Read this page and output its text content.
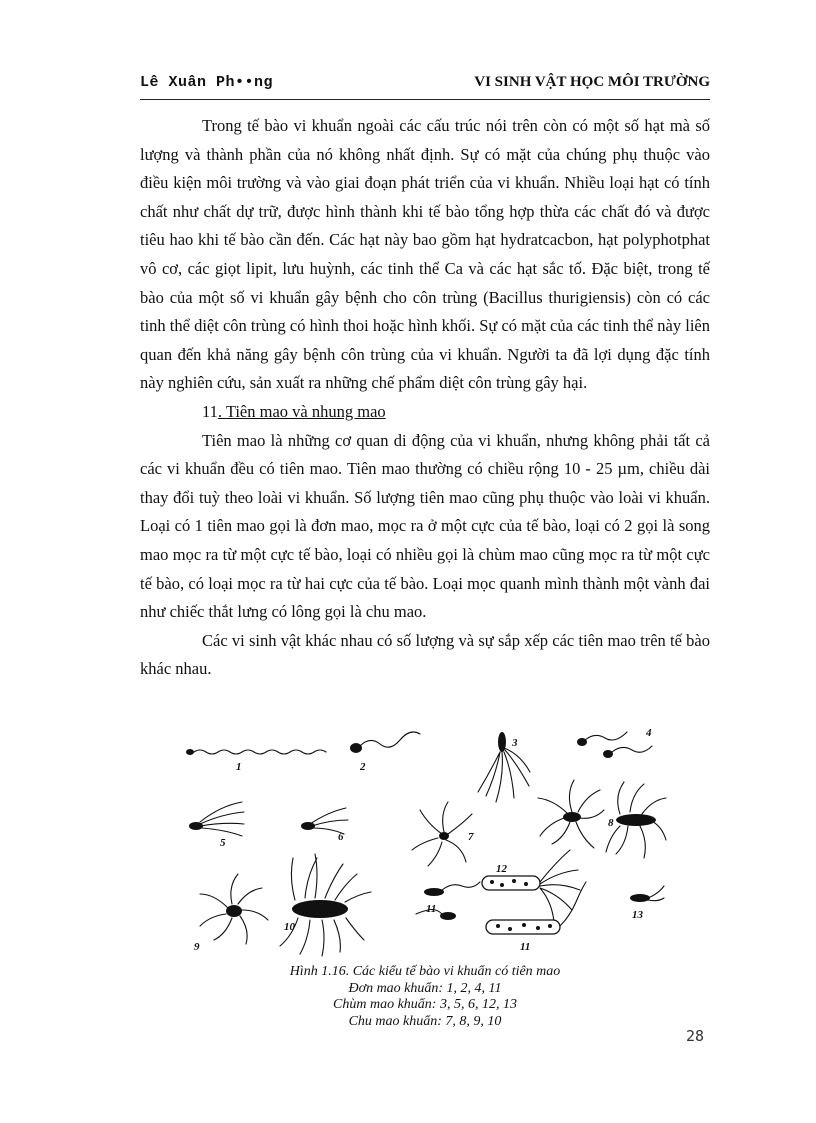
Lê Xuân Ph••ng	VI SINH VẬT HỌC MÔI TRƯỜNG

Trong tế bào vi khuẩn ngoài các cấu trúc nói trên còn có một số hạt mà số lượng và thành phần của nó không nhất định. Sự có mặt của chúng phụ thuộc vào điều kiện môi trường và vào giai đoạn phát triển của vi khuẩn. Nhiều loại hạt có tính chất như chất dự trữ, được hình thành khi tế bào tổng hợp thừa các chất đó và được tiêu hao khi tế bào cần đến. Các hạt này bao gồm hạt hydratcacbon, hạt polyphotphat vô cơ, các giọt lipit, lưu huỳnh, các tinh thể Ca và các hạt sắc tố. Đặc biệt, trong tế bào của một số vi khuẩn gây bệnh cho côn trùng (Bacillus thurigiensis) còn có các tinh thể diệt côn trùng có hình thoi hoặc hình khối. Sự có mặt của các tinh thể này liên quan đến khả năng gây bệnh côn trùng của vi khuẩn. Người ta đã lợi dụng đặc tính này nghiên cứu, sản xuất ra những chế phẩm diệt côn trùng gây hại.

11. Tiên mao và nhung mao

Tiên mao là những cơ quan di động của vi khuẩn, nhưng không phải tất cả các vi khuẩn đều có tiên mao. Tiên mao thường có chiều rộng 10 - 25 µm, chiều dài thay đổi tuỳ theo loài vi khuẩn. Số lượng tiên mao cũng phụ thuộc vào loài vi khuẩn. Loại có 1 tiên mao gọi là đơn mao, mọc ra ở một cực của tế bào, loại có 2 gọi là song mao mọc ra từ một cực tế bào, loại có nhiều gọi là chùm mao cũng mọc ra từ một cực tế bào, có loại mọc ra từ hai cực của tế bào. Loại mọc quanh mình thành một vành đai như chiếc thắt lưng có lông gọi là chu mao.

Các vi sinh vật khác nhau có số lượng và sự sắp xếp các tiên mao trên tế bào khác nhau.

1	2
3
4
5	6	7
8
9
10
11
12
13
11
Hình 1.16. Các kiểu tế bào vi khuẩn có tiên mao
Đơn mao khuẩn: 1, 2, 4, 11
Chùm mao khuẩn: 3, 5, 6, 12, 13
Chu mao khuẩn: 7, 8, 9, 10
28
